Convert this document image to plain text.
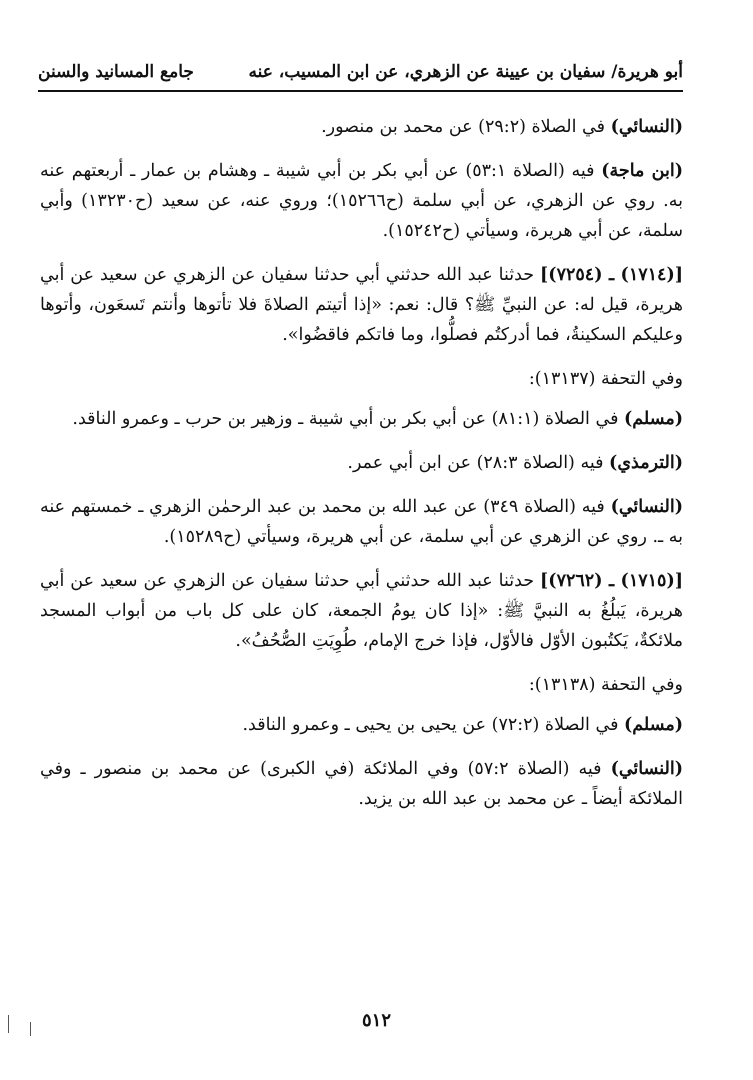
أبو هريرة/ سفيان بن عيينة عن الزهري، عن ابن المسيب، عنه
جامع المسانيد والسنن

(النسائي) في الصلاة (٢٩:٢) عن محمد بن منصور.

(ابن ماجة) فيه (الصلاة ٥٣:١) عن أبي بكر بن أبي شيبة ـ وهشام بن عمار ـ أربعتهم عنه به. روي عن الزهري، عن أبي سلمة (ح١٥٢٦٦)؛ وروي عنه، عن سعيد (ح١٣٢٣٠) وأبي سلمة، عن أبي هريرة، وسيأتي (ح١٥٢٤٢).

[(١٧١٤) ـ (٧٢٥٤)] حدثنا عبد الله حدثني أبي حدثنا سفيان عن الزهري عن سعيد عن أبي هريرة، قيل له: عن النبيِّ ﷺ؟ قال: نعم: «إذا أتيتم الصلاةَ فلا تأتوها وأنتم تَسعَون، وأتوها وعليكم السكينةُ، فما أدركتُم فصلُّوا، وما فاتكم فاقضُوا».

وفي التحفة (١٣١٣٧):

(مسلم) في الصلاة (٨١:١) عن أبي بكر بن أبي شيبة ـ وزهير بن حرب ـ وعمرو الناقد.

(الترمذي) فيه (الصلاة ٢٨:٣) عن ابن أبي عمر.

(النسائي) فيه (الصلاة ٣٤٩) عن عبد الله بن محمد بن عبد الرحمٰن الزهري ـ خمستهم عنه به ـ. روي عن الزهري عن أبي سلمة، عن أبي هريرة، وسيأتي (ح١٥٢٨٩).

[(١٧١٥) ـ (٧٢٦٢)] حدثنا عبد الله حدثني أبي حدثنا سفيان عن الزهري عن سعيد عن أبي هريرة، يَبلُغُ به النبيَّ ﷺ: «إذا كان يومُ الجمعة، كان على كل باب من أبواب المسجد ملائكةٌ، يَكتُبون الأوّل فالأوّل، فإذا خرج الإمام، طُوِيَتِ الصُّحُفُ».

وفي التحفة (١٣١٣٨):

(مسلم) في الصلاة (٧٢:٢) عن يحيى بن يحيى ـ وعمرو الناقد.

(النسائي) فيه (الصلاة ٥٧:٢) وفي الملائكة (في الكبرى) عن محمد بن منصور ـ وفي الملائكة أيضاً ـ عن محمد بن عبد الله بن يزيد.

٥١٢
